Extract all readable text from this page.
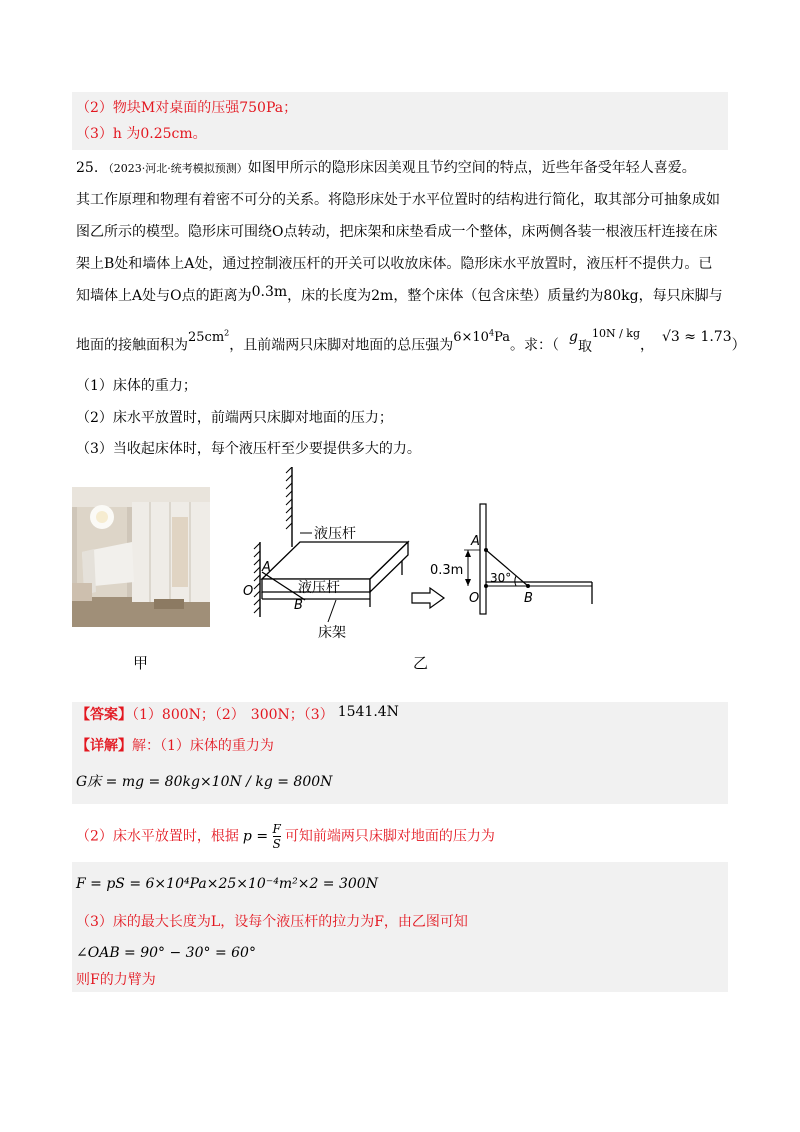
（2）物块M对桌面的压强750Pa；
（3）h 为0.25cm。
25. （2023·河北·统考模拟预测）如图甲所示的隐形床因美观且节约空间的特点，近些年备受年轻人喜爱。
其工作原理和物理有着密不可分的关系。将隐形床处于水平位置时的结构进行简化，取其部分可抽象成如
图乙所示的模型。隐形床可围绕O点转动，把床架和床垫看成一个整体，床两侧各装一根液压杆连接在床
架上B处和墙体上A处，通过控制液压杆的开关可以收放床体。隐形床水平放置时，液压杆不提供力。已
知墙体上A处与O点的距离为0.3m，床的长度为2m，整个床体（包含床垫）质量约为80kg，每只床脚与
地面的接触面积为$25cm^2$，且前端两只床脚对地面的总压强为$6\times 10^4Pa$。求：（ g取$^{10N / kg}$， √3 ≈ 1.73）
（1）床体的重力；
（2）床水平放置时，前端两只床脚对地面的压力；
（3）当收起床体时，每个液压杆至少要提供多大的力。
甲
液压杆
液压杆
床架
A
O
B
A
O	B
0.3m 30°
乙
【答案】（1）800N；（2） 300N；（3） 1541.4N
【详解】解：（1）床体的重力为
G床 = mg = 80kg×10N / kg = 800N
（2）床水平放置时，根据 $p = \frac{F}{S}$ 可知前端两只床脚对地面的压力为
F = pS = 6×10⁴Pa×25×10⁻⁴m²×2 = 300N
（3）床的最大长度为L，设每个液压杆的拉力为F，由乙图可知
∠OAB = 90° − 30° = 60°
则F的力臂为
